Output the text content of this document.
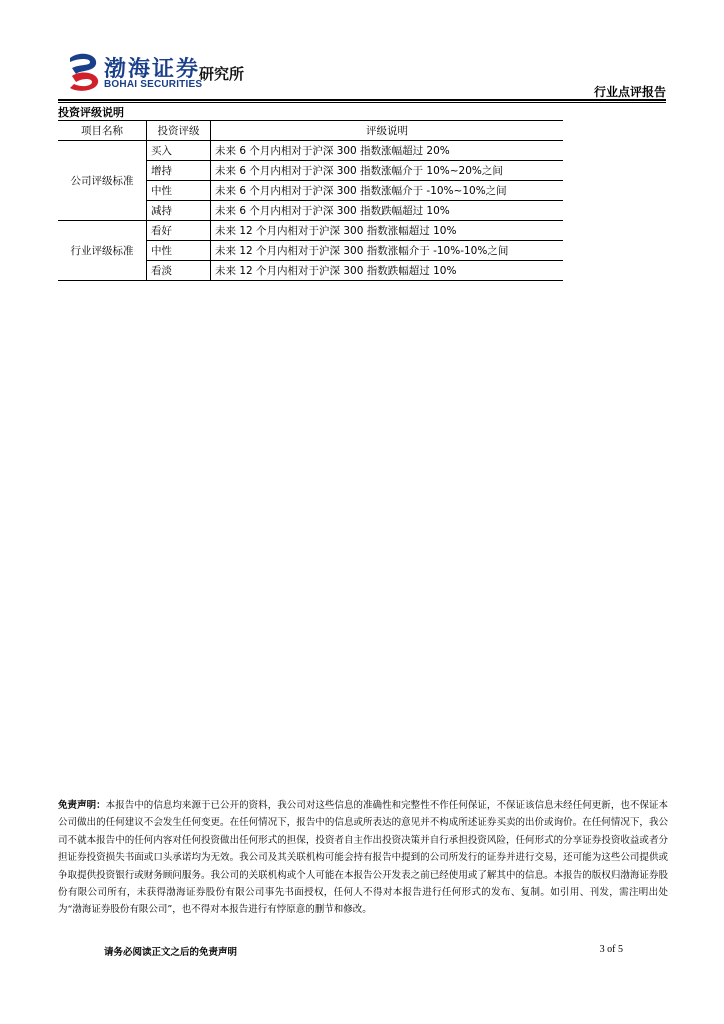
渤海证券
BOHAI SECURITIES
研究所
行业点评报告
投资评级说明
项目名称	投资评级	评级说明
公司评级标准	买入	未来 6 个月内相对于沪深 300 指数涨幅超过 20%
	增持	未来 6 个月内相对于沪深 300 指数涨幅介于 10%~20%之间
	中性	未来 6 个月内相对于沪深 300 指数涨幅介于 -10%~10%之间
	减持	未来 6 个月内相对于沪深 300 指数跌幅超过 10%
行业评级标准	看好	未来 12 个月内相对于沪深 300 指数涨幅超过 10%
	中性	未来 12 个月内相对于沪深 300 指数涨幅介于 -10%-10%之间
	看淡	未来 12 个月内相对于沪深 300 指数跌幅超过 10%
免责声明：本报告中的信息均来源于已公开的资料，我公司对这些信息的准确性和完整性不作任何保证，不保证该信息未经任何更新，也不保证本公司做出的任何建议不会发生任何变更。在任何情况下，报告中的信息或所表达的意见并不构成所述证券买卖的出价或询价。在任何情况下，我公司不就本报告中的任何内容对任何投资做出任何形式的担保，投资者自主作出投资决策并自行承担投资风险，任何形式的分享证券投资收益或者分担证券投资损失书面或口头承诺均为无效。我公司及其关联机构可能会持有报告中提到的公司所发行的证券并进行交易，还可能为这些公司提供或争取提供投资银行或财务顾问服务。我公司的关联机构或个人可能在本报告公开发表之前已经使用或了解其中的信息。本报告的版权归渤海证券股份有限公司所有，未获得渤海证券股份有限公司事先书面授权，任何人不得对本报告进行任何形式的发布、复制。如引用、刊发，需注明出处为“渤海证券股份有限公司”，也不得对本报告进行有悖原意的删节和修改。
请务必阅读正文之后的免责声明	3 of 5
